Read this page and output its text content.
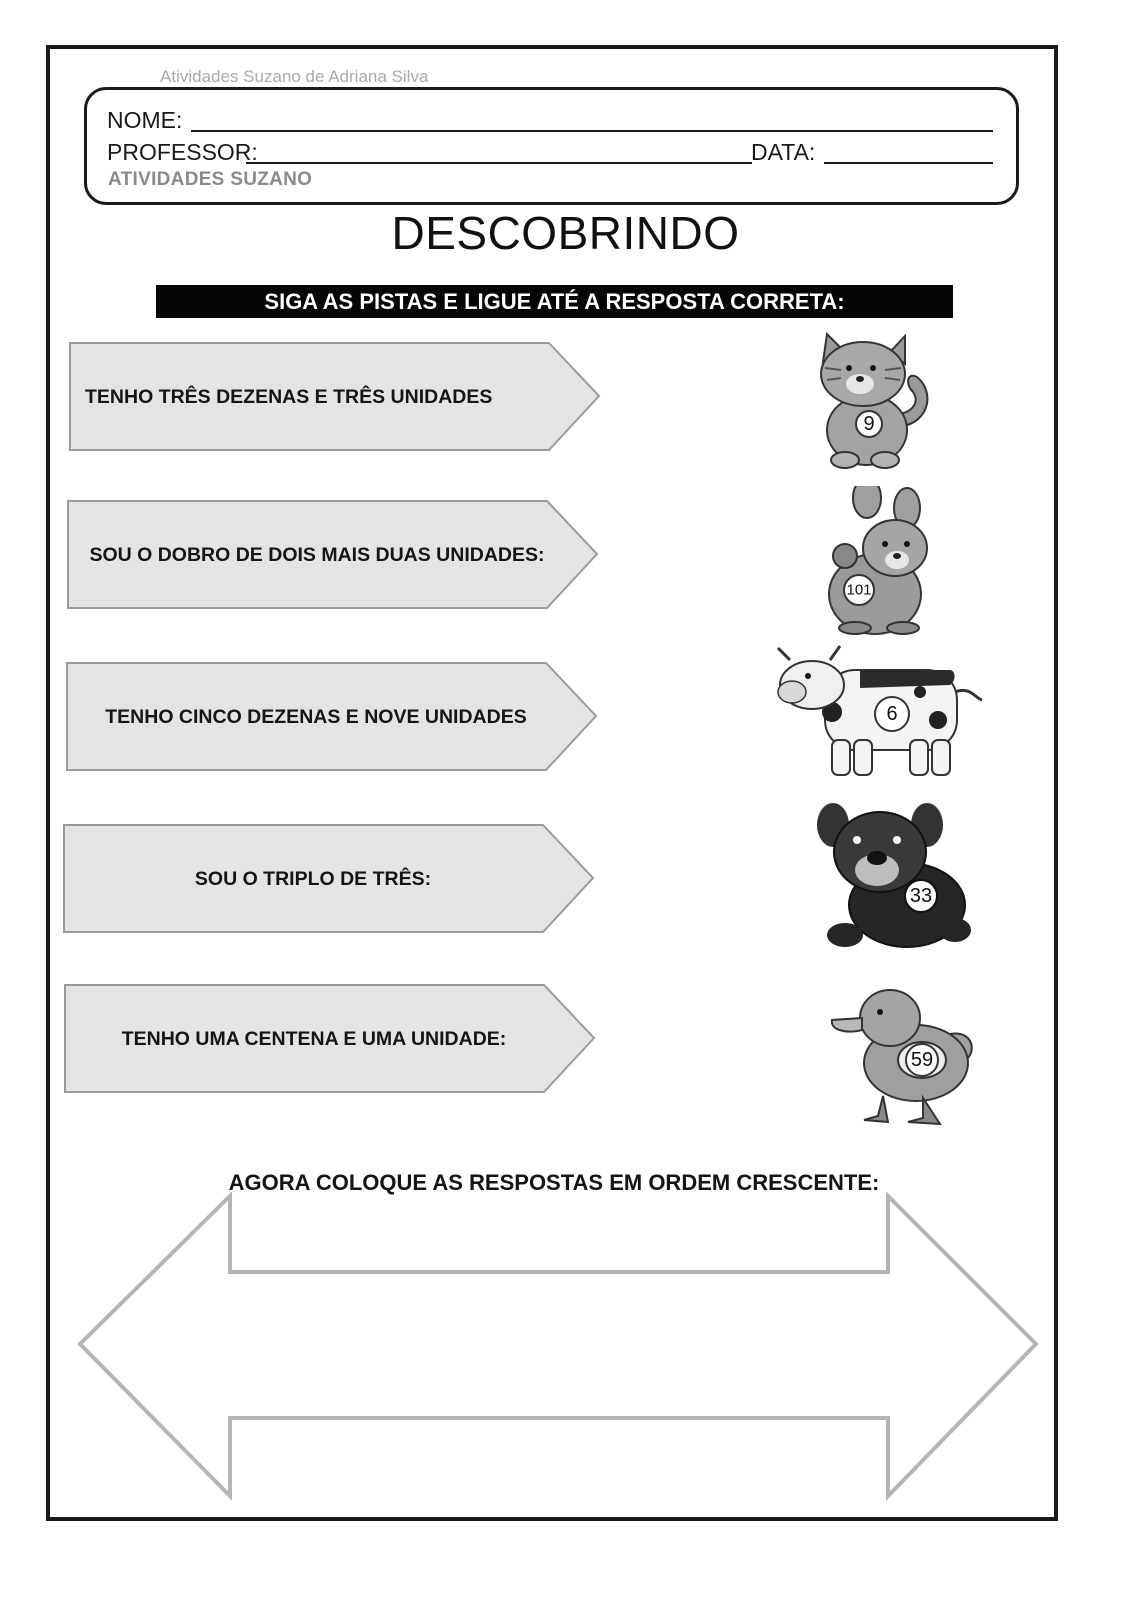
Atividades Suzano de Adriana Silva
NOME:
PROFESSOR:	DATA:
ATIVIDADES SUZANO
DESCOBRINDO
SIGA AS PISTAS E LIGUE ATÉ A RESPOSTA CORRETA:
TENHO TRÊS DEZENAS E TRÊS UNIDADES
SOU O DOBRO DE DOIS MAIS DUAS UNIDADES:
TENHO CINCO DEZENAS E NOVE UNIDADES
SOU O TRIPLO DE TRÊS:
TENHO UMA CENTENA E UMA UNIDADE:
9
101
6
33
59
AGORA COLOQUE AS RESPOSTAS EM ORDEM CRESCENTE:
